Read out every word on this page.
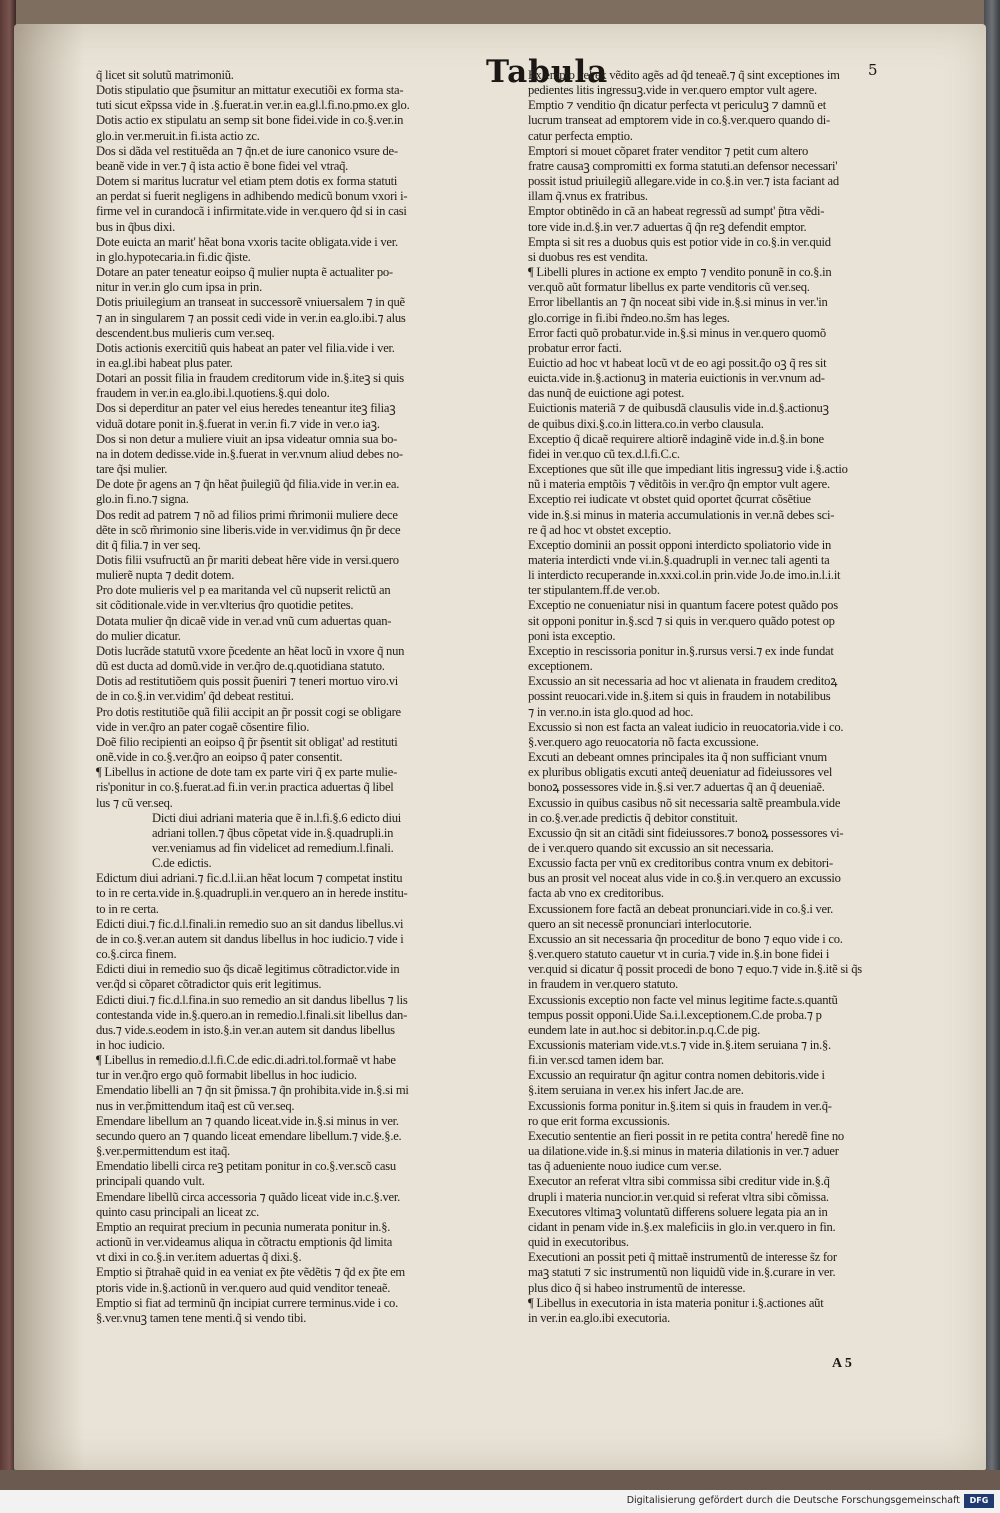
Tabula	5
q̃ licet sit solutũ matrimoniũ.
Dotis stipulatio que p̃sumitur an mittatur executiõi ex forma sta-
tuti sicut ex̃pssa vide in .§.fuerat.in ver.in ea.gl.l.fi.no.pmo.ex glo.
Dotis actio ex stipulatu an semp sit bone fidei.vide in co.§.ver.in
glo.in ver.meruit.in fi.ista actio zc.
Dos si dãda vel restituẽda an ⁊ q̃n.et de iure canonico vsure de-
beanẽ vide in ver.⁊ q̃ ista actio ẽ bone fidei vel vtraq̃.
Dotem si maritus lucratur vel etiam ptem dotis ex forma statuti
an perdat si fuerit negligens in adhibendo medicũ bonum vxori i-
firme vel in curandocã i infirmitate.vide in ver.quero q̃d si in casi
bus in q̃bus dixi.
Dote euicta an marit' hẽat bona vxoris tacite obligata.vide i ver.
in glo.hypotecaria.in fi.dic q̃iste.
Dotare an pater teneatur eoipso q̃ mulier nupta ẽ actualiter po-
nitur in ver.in glo cum ipsa in prin.
Dotis priuilegium an transeat in successorẽ vniuersalem ⁊ in quẽ
⁊ an in singularem ⁊ an possit cedi vide in ver.in ea.glo.ibi.⁊ alus
descendent.bus mulieris cum ver.seq.
Dotis actionis exercitiũ quis habeat an pater vel filia.vide i ver.
in ea.gl.ibi habeat plus pater.
Dotari an possit filia in fraudem creditorum vide in.§.iteꝫ si quis
fraudem in ver.in ea.glo.ibi.l.quotiens.§.qui dolo.
Dos si deperditur an pater vel eius heredes teneantur iteꝫ filiaꝫ
viduã dotare ponit in.§.fuerat in ver.in fi.⁊ vide in ver.o iaꝫ.
Dos si non detur a muliere viuit an ipsa videatur omnia sua bo-
na in dotem dedisse.vide in.§.fuerat in ver.vnum aliud debes no-
tare q̃si mulier.
De dote p̃r agens an ⁊ q̃n hẽat p̃uilegiũ q̃d filia.vide in ver.in ea.
glo.in fi.no.⁊ signa.
Dos redit ad patrem ⁊ nõ ad filios primi m̃rimonii muliere dece
dẽte in scõ m̃rimonio sine liberis.vide in ver.vidimus q̃n p̃r dece
dit q̃ filia.⁊ in ver seq.
Dotis filii vsufructũ an p̃r mariti debeat hẽre vide in versi.quero
mulierẽ nupta ⁊ dedit dotem.
Pro dote mulieris vel p ea maritanda vel cũ nupserit relictũ an
sit cõditionale.vide in ver.vlterius q̃ro quotidie petites.
Dotata mulier q̃n dicaẽ vide in ver.ad vnũ cum aduertas quan-
do mulier dicatur.
Dotis lucrãde statutũ vxore p̃cedente an hẽat locũ in vxore q̃ nun
dũ est ducta ad domũ.vide in ver.q̃ro de.q.quotidiana statuto.
Dotis ad restitutiõem quis possit p̃ueniri ⁊ teneri mortuo viro.vi
de in co.§.in ver.vidim' q̃d debeat restitui.
Pro dotis restitutiõe quã filii accipit an p̃r possit cogi se obligare
vide in ver.q̃ro an pater cogaẽ cõsentire filio.
Doẽ filio recipienti an eoipso q̃ p̃r p̃sentit sit obligat' ad restituti
onẽ.vide in co.§.ver.q̃ro an eoipso q̃ pater consentit.
¶ Libellus in actione de dote tam ex parte viri q̃ ex parte mulie-
ris'ponitur in co.§.fuerat.ad fi.in ver.in practica aduertas q̃ libel
lus ⁊ cũ ver.seq.
Dicti diui adriani materia que ẽ in.l.fi.§.6 edicto diui
adriani tollen.⁊ q̃bus cõpetat vide in.§.quadrupli.in
ver.veniamus ad fin videlicet ad remedium.l.finali.
C.de edictis.
Edictum diui adriani.⁊ fic.d.l.ii.an hẽat locum ⁊ competat institu
to in re certa.vide in.§.quadrupli.in ver.quero an in herede institu-
to in re certa.
Edicti diui.⁊ fic.d.l.finali.in remedio suo an sit dandus libellus.vi
de in co.§.ver.an autem sit dandus libellus in hoc iudicio.⁊ vide i
co.§.circa finem.
Edicti diui in remedio suo q̃s dicaẽ legitimus cõtradictor.vide in
ver.q̃d si cõparet cõtradictor quis erit legitimus.
Edicti diui.⁊ fic.d.l.fina.in suo remedio an sit dandus libellus ⁊ lis
contestanda vide in.§.quero.an in remedio.l.finali.sit libellus dan-
dus.⁊ vide.s.eodem in isto.§.in ver.an autem sit dandus libellus
in hoc iudicio.
¶ Libellus in remedio.d.l.fi.C.de edic.di.adri.tol.formaẽ vt habe
tur in ver.q̃ro ergo quõ formabit libellus in hoc iudicio.
Emendatio libelli an ⁊ q̃n sit p̃missa.⁊ q̃n prohibita.vide in.§.si mi
nus in ver.p̃mittendum itaq̃ est cũ ver.seq.
Emendare libellum an ⁊ quando liceat.vide in.§.si minus in ver.
secundo quero an ⁊ quando liceat emendare libellum.⁊ vide.§.e.
§.ver.permittendum est itaq̃.
Emendatio libelli circa reꝫ petitam ponitur in co.§.ver.scõ casu
principali quando vult.
Emendare libellũ circa accessoria ⁊ quãdo liceat vide in.c.§.ver.
quinto casu principali an liceat zc.
Emptio an requirat precium in pecunia numerata ponitur in.§.
actionũ in ver.videamus aliqua in cõtractu emptionis q̃d limita
vt dixi in co.§.in ver.item aduertas q̃ dixi.§.
Emptio si p̃trahaẽ quid in ea veniat ex p̃te vẽdẽtis ⁊ q̃d ex p̃te em
ptoris vide in.§.actionũ in ver.quero aud quid venditor teneaẽ.
Emptio si fiat ad terminũ q̃n incipiat currere terminus.vide i co.
§.ver.vnuꝫ tamen tene menti.q̃ si vendo tibi.
Ex empto vel ex vẽdito agẽs ad q̃d teneaẽ.⁊ q̃ sint exceptiones im
pedientes litis ingressuꝫ.vide in ver.quero emptor vult agere.
Emptio ⁊ venditio q̃n dicatur perfecta vt periculuꝫ ⁊ damnũ et
lucrum transeat ad emptorem vide in co.§.ver.quero quando di-
catur perfecta emptio.
Emptori si mouet cõparet frater venditor ⁊ petit cum altero
fratre causaꝫ compromitti ex forma statuti.an defensor necessari'
possit istud priuilegiũ allegare.vide in co.§.in ver.⁊ ista faciant ad
illam q̃.vnus ex fratribus.
Emptor obtinẽdo in cã an habeat regressũ ad sumpt' p̃tra vẽdi-
tore vide in.d.§.in ver.⁊ aduertas q̃ q̃n reꝫ defendit emptor.
Empta si sit res a duobus quis est potior vide in co.§.in ver.quid
si duobus res est vendita.
¶ Libelli plures in actione ex empto ⁊ vendito ponunẽ in co.§.in
ver.quõ aũt formatur libellus ex parte venditoris cũ ver.seq.
Error libellantis an ⁊ q̃n noceat sibi vide in.§.si minus in ver.'in
glo.corrige in fi.ibi r̃ndeo.no.s̃m has leges.
Error facti quõ probatur.vide in.§.si minus in ver.quero quomõ
probatur error facti.
Euictio ad hoc vt habeat locũ vt de eo agi possit.q̃o oꝫ q̃ res sit
euicta.vide in.§.actionuꝫ in materia euictionis in ver.vnum ad-
das nunq̃ de euictione agi potest.
Euictionis materiã ⁊ de quibusdã clausulis vide in.d.§.actionuꝫ
de quibus dixi.§.co.in littera.co.in verbo clausula.
Exceptio q̃ dicaẽ requirere altiorẽ indaginẽ vide in.d.§.in bone
fidei in ver.quo cũ tex.d.l.fi.C.c.
Exceptiones que sũt ille que impediant litis ingressuꝫ vide i.§.actio
nũ i materia emptõis ⁊ vẽditõis in ver.q̃ro q̃n emptor vult agere.
Exceptio rei iudicate vt obstet quid oportet q̃currat cõsẽtiue
vide in.§.si minus in materia accumulationis in ver.nã debes sci-
re q̃ ad hoc vt obstet exceptio.
Exceptio dominii an possit opponi interdicto spoliatorio vide in
materia interdicti vnde vi.in.§.quadrupli in ver.nec tali agenti ta
li interdicto recuperande in.xxxi.col.in prin.vide Jo.de imo.in.l.i.it
ter stipulantem.ff.de ver.ob.
Exceptio ne conueniatur nisi in quantum facere potest quãdo pos
sit opponi ponitur in.§.scd ⁊ si quis in ver.quero quãdo potest op
poni ista exceptio.
Exceptio in rescissoria ponitur in.§.rursus versi.⁊ ex inde fundat
exceptionem.
Excussio an sit necessaria ad hoc vt alienata in fraudem creditoꝝ
possint reuocari.vide in.§.item si quis in fraudem in notabilibus
⁊ in ver.no.in ista glo.quod ad hoc.
Excussio si non est facta an valeat iudicio in reuocatoria.vide i co.
§.ver.quero ago reuocatoria nõ facta excussione.
Excuti an debeant omnes principales ita q̃ non sufficiant vnum
ex pluribus obligatis excuti anteq̃ deueniatur ad fideiussores vel
bonoꝝ possessores vide in.§.si ver.⁊ aduertas q̃ an q̃ deueniaẽ.
Excussio in quibus casibus nõ sit necessaria saltẽ preambula.vide
in co.§.ver.ade predictis q̃ debitor constituit.
Excussio q̃n sit an citãdi sint fideiussores.⁊ bonoꝝ possessores vi-
de i ver.quero quando sit excussio an sit necessaria.
Excussio facta per vnũ ex creditoribus contra vnum ex debitori-
bus an prosit vel noceat alus vide in co.§.in ver.quero an excussio
facta ab vno ex creditoribus.
Excussionem fore factã an debeat pronunciari.vide in co.§.i ver.
quero an sit necessẽ pronunciari interlocutorie.
Excussio an sit necessaria q̃n proceditur de bono ⁊ equo vide i co.
§.ver.quero statuto cauetur vt in curia.⁊ vide in.§.in bone fidei i
ver.quid si dicatur q̃ possit procedi de bono ⁊ equo.⁊ vide in.§.itẽ si q̃s
in fraudem in ver.quero statuto.
Excussionis exceptio non facte vel minus legitime facte.s.quantũ
tempus possit opponi.Uide Sa.i.l.exceptionem.C.de proba.⁊ p
eundem late in aut.hoc si debitor.in.p.q.C.de pig.
Excussionis materiam vide.vt.s.⁊ vide in.§.item seruiana ⁊ in.§.
fi.in ver.scd tamen idem bar.
Excussio an requiratur q̃n agitur contra nomen debitoris.vide i
§.item seruiana in ver.ex his infert Jac.de are.
Excussionis forma ponitur in.§.item si quis in fraudem in ver.q̃-
ro que erit forma excussionis.
Executio sententie an fieri possit in re petita contra' heredẽ fine no
ua dilatione.vide in.§.si minus in materia dilationis in ver.⁊ aduer
tas q̃ adueniente nouo iudice cum ver.se.
Executor an referat vltra sibi commissa sibi creditur vide in.§.q̃
drupli i materia nuncior.in ver.quid si referat vltra sibi cõmissa.
Executores vltimaꝫ voluntatũ differens soluere legata pia an in
cidant in penam vide in.§.ex maleficiis in glo.in ver.quero in fin.
quid in executoribus.
Executioni an possit peti q̃ mittaẽ instrumentũ de interesse s̃z for
maꝫ statuti ⁊ sic instrumentũ non liquidũ vide in.§.curare in ver.
plus dico q̃ si habeo instrumentũ de interesse.
¶ Libellus in executoria in ista materia ponitur i.§.actiones aũt
in ver.in ea.glo.ibi executoria.
A 5
Digitalisierung gefördert durch die Deutsche Forschungsgemeinschaft	DFG
